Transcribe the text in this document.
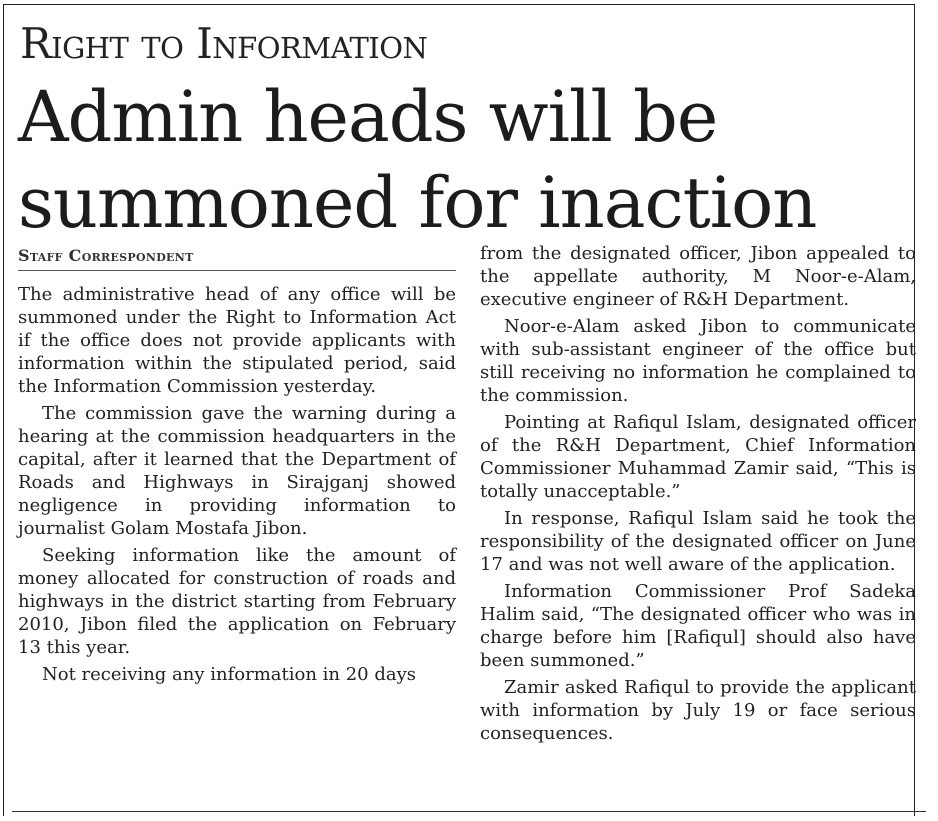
Right to Information
Admin heads will be summoned for inaction
Staff Correspondent

The administrative head of any office will be summoned under the Right to Information Act if the office does not provide applicants with information within the stipulated period, said the Information Commission yesterday.

The commission gave the warning during a hearing at the commission headquarters in the capital, after it learned that the Department of Roads and Highways in Sirajganj showed negligence in providing information to journalist Golam Mostafa Jibon.

Seeking information like the amount of money allocated for construction of roads and highways in the district starting from February 2010, Jibon filed the application on February 13 this year.

Not receiving any information in 20 days

from the designated officer, Jibon appealed to the appellate authority, M Noor-e-Alam, executive engineer of R&H Department.

Noor-e-Alam asked Jibon to communicate with sub-assistant engineer of the office but still receiving no information he complained to the commission.

Pointing at Rafiqul Islam, designated officer of the R&H Department, Chief Information Commissioner Muhammad Zamir said, “This is totally unacceptable.”

In response, Rafiqul Islam said he took the responsibility of the designated officer on June 17 and was not well aware of the application.

Information Commissioner Prof Sadeka Halim said, “The designated officer who was in charge before him [Rafiqul] should also have been summoned.”

Zamir asked Rafiqul to provide the applicant with information by July 19 or face serious consequences.
